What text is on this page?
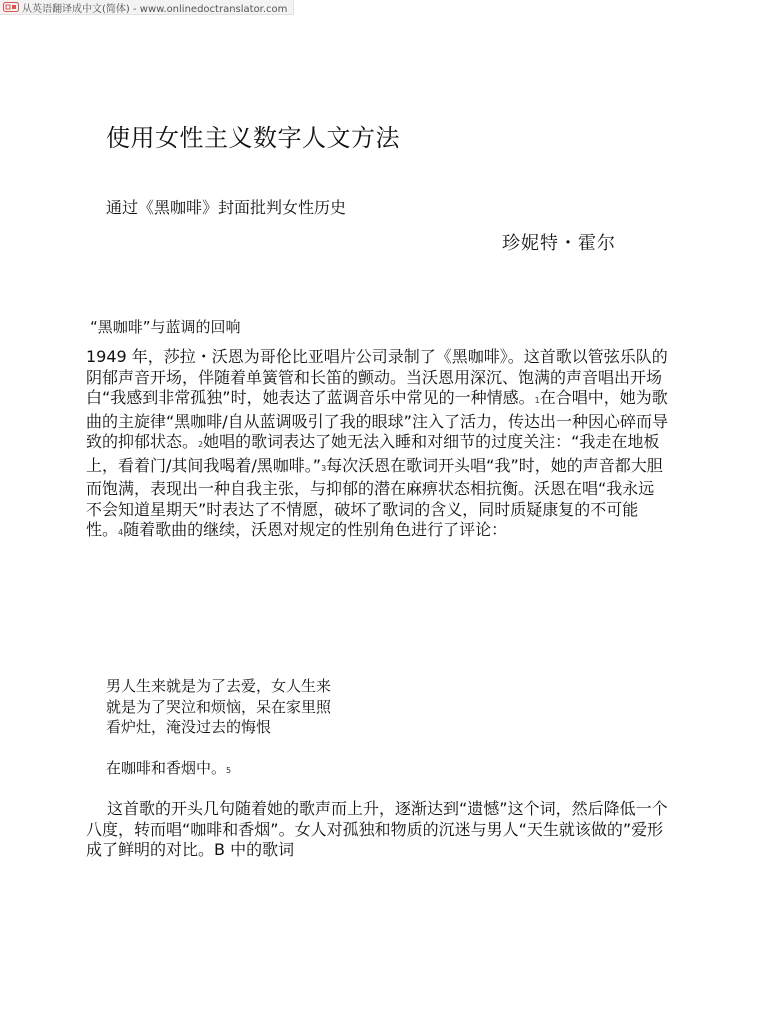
从英语翻译成中文(简体) - www.onlinedoctranslator.com
使用女性主义数字人文方法
通过《黑咖啡》封面批判女性历史
珍妮特・霍尔
“黑咖啡”与蓝调的回响

1949 年，莎拉・沃恩为哥伦比亚唱片公司录制了《黑咖啡》。这首歌以管弦乐队的阴郁声音开场，伴随着单簧管和长笛的颤动。当沃恩用深沉、饱满的声音唱出开场白“我感到非常孤独”时，她表达了蓝调音乐中常见的一种情感。1在合唱中，她为歌曲的主旋律“黑咖啡/自从蓝调吸引了我的眼球”注入了活力，传达出一种因心碎而导致的抑郁状态。2她唱的歌词表达了她无法入睡和对细节的过度关注：“我走在地板上，看着门/其间我喝着/黑咖啡。”3每次沃恩在歌词开头唱“我”时，她的声音都大胆而饱满，表现出一种自我主张，与抑郁的潜在麻痹状态相抗衡。沃恩在唱“我永远不会知道星期天”时表达了不情愿，破坏了歌词的含义，同时质疑康复的不可能性。4随着歌曲的继续，沃恩对规定的性别角色进行了评论：

男人生来就是为了去爱，女人生来
就是为了哭泣和烦恼，呆在家里照
看炉灶，淹没过去的悔恨
在咖啡和香烟中。5

这首歌的开头几句随着她的歌声而上升，逐渐达到“遗憾”这个词，然后降低一个八度，转而唱“咖啡和香烟”。女人对孤独和物质的沉迷与男人“天生就该做的”爱形成了鲜明的对比。B 中的歌词
